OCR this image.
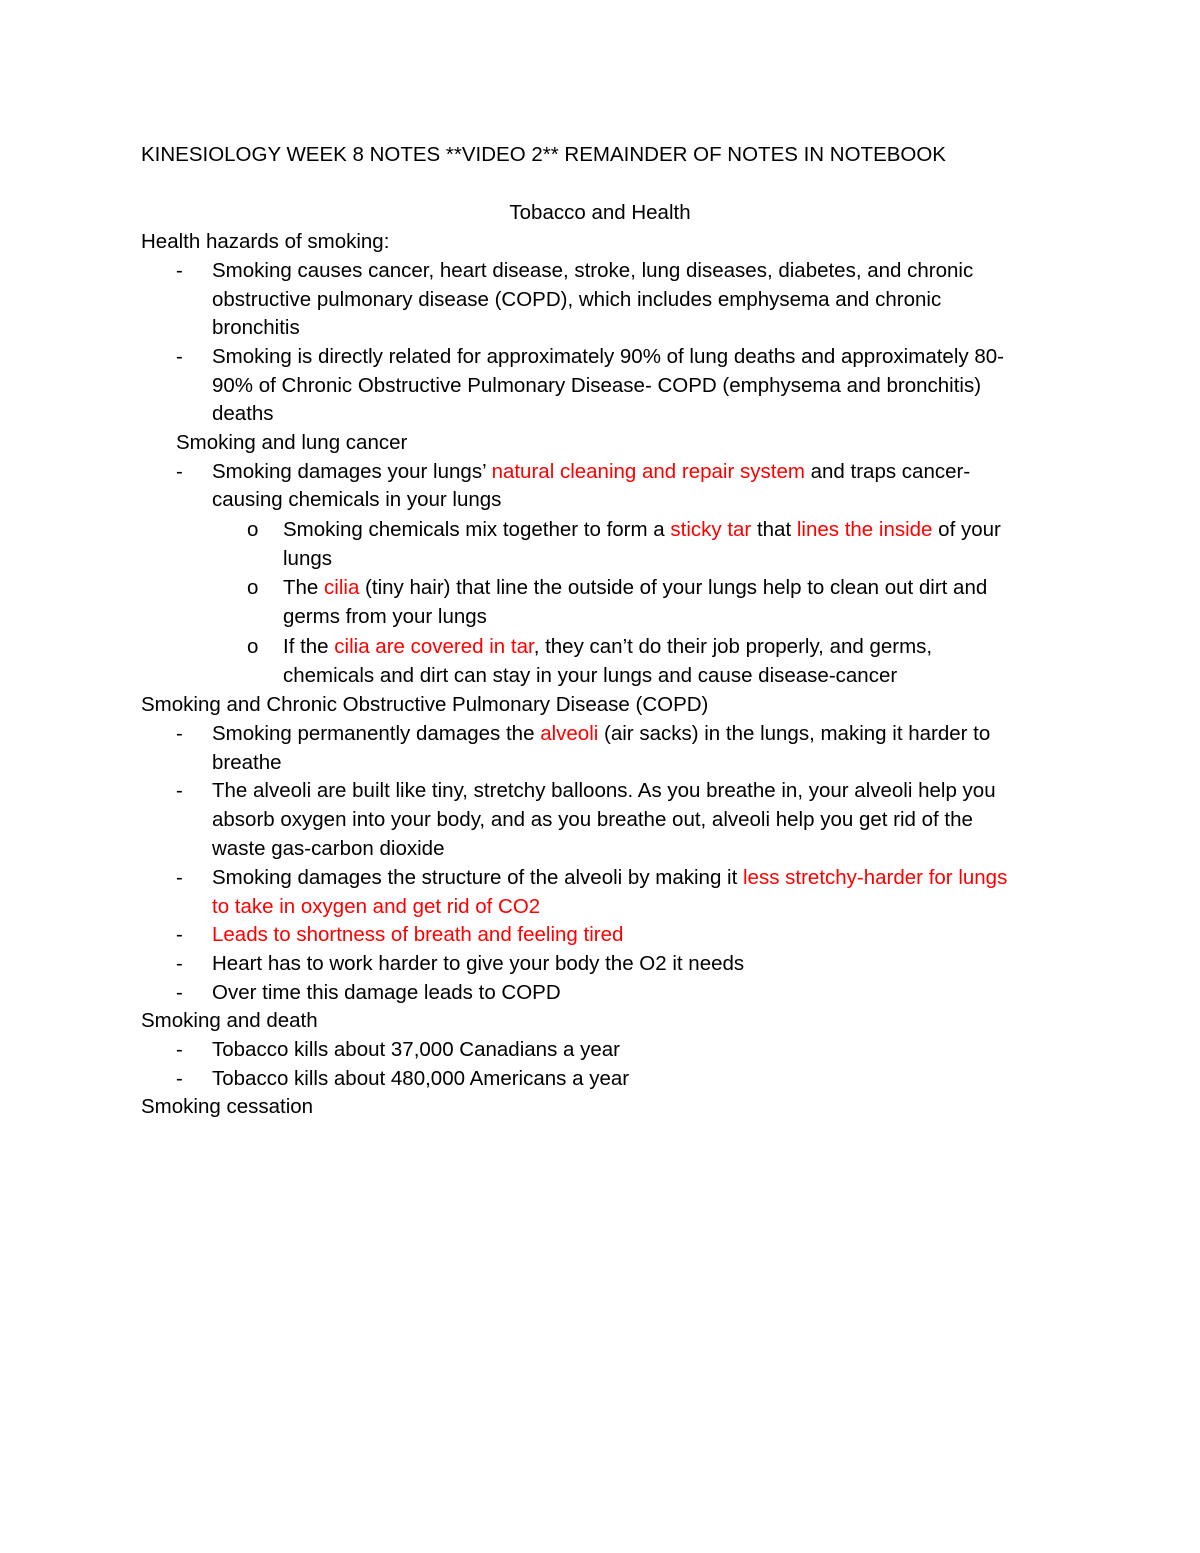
KINESIOLOGY WEEK 8 NOTES **VIDEO 2** REMAINDER OF NOTES IN NOTEBOOK
Tobacco and Health
Health hazards of smoking:
- Smoking causes cancer, heart disease, stroke, lung diseases, diabetes, and chronic
obstructive pulmonary disease (COPD), which includes emphysema and chronic
bronchitis
- Smoking is directly related for approximately 90% of lung deaths and approximately 80-
90% of Chronic Obstructive Pulmonary Disease- COPD (emphysema and bronchitis)
deaths
Smoking and lung cancer
- Smoking damages your lungs’ natural cleaning and repair system and traps cancer-
causing chemicals in your lungs
o Smoking chemicals mix together to form a sticky tar that lines the inside of your
lungs
o The cilia (tiny hair) that line the outside of your lungs help to clean out dirt and
germs from your lungs
o If the cilia are covered in tar, they can’t do their job properly, and germs,
chemicals and dirt can stay in your lungs and cause disease-cancer
Smoking and Chronic Obstructive Pulmonary Disease (COPD)
- Smoking permanently damages the alveoli (air sacks) in the lungs, making it harder to
breathe
- The alveoli are built like tiny, stretchy balloons. As you breathe in, your alveoli help you
absorb oxygen into your body, and as you breathe out, alveoli help you get rid of the
waste gas-carbon dioxide
- Smoking damages the structure of the alveoli by making it less stretchy-harder for lungs
to take in oxygen and get rid of CO2
- Leads to shortness of breath and feeling tired
- Heart has to work harder to give your body the O2 it needs
- Over time this damage leads to COPD
Smoking and death
- Tobacco kills about 37,000 Canadians a year
- Tobacco kills about 480,000 Americans a year
Smoking cessation
